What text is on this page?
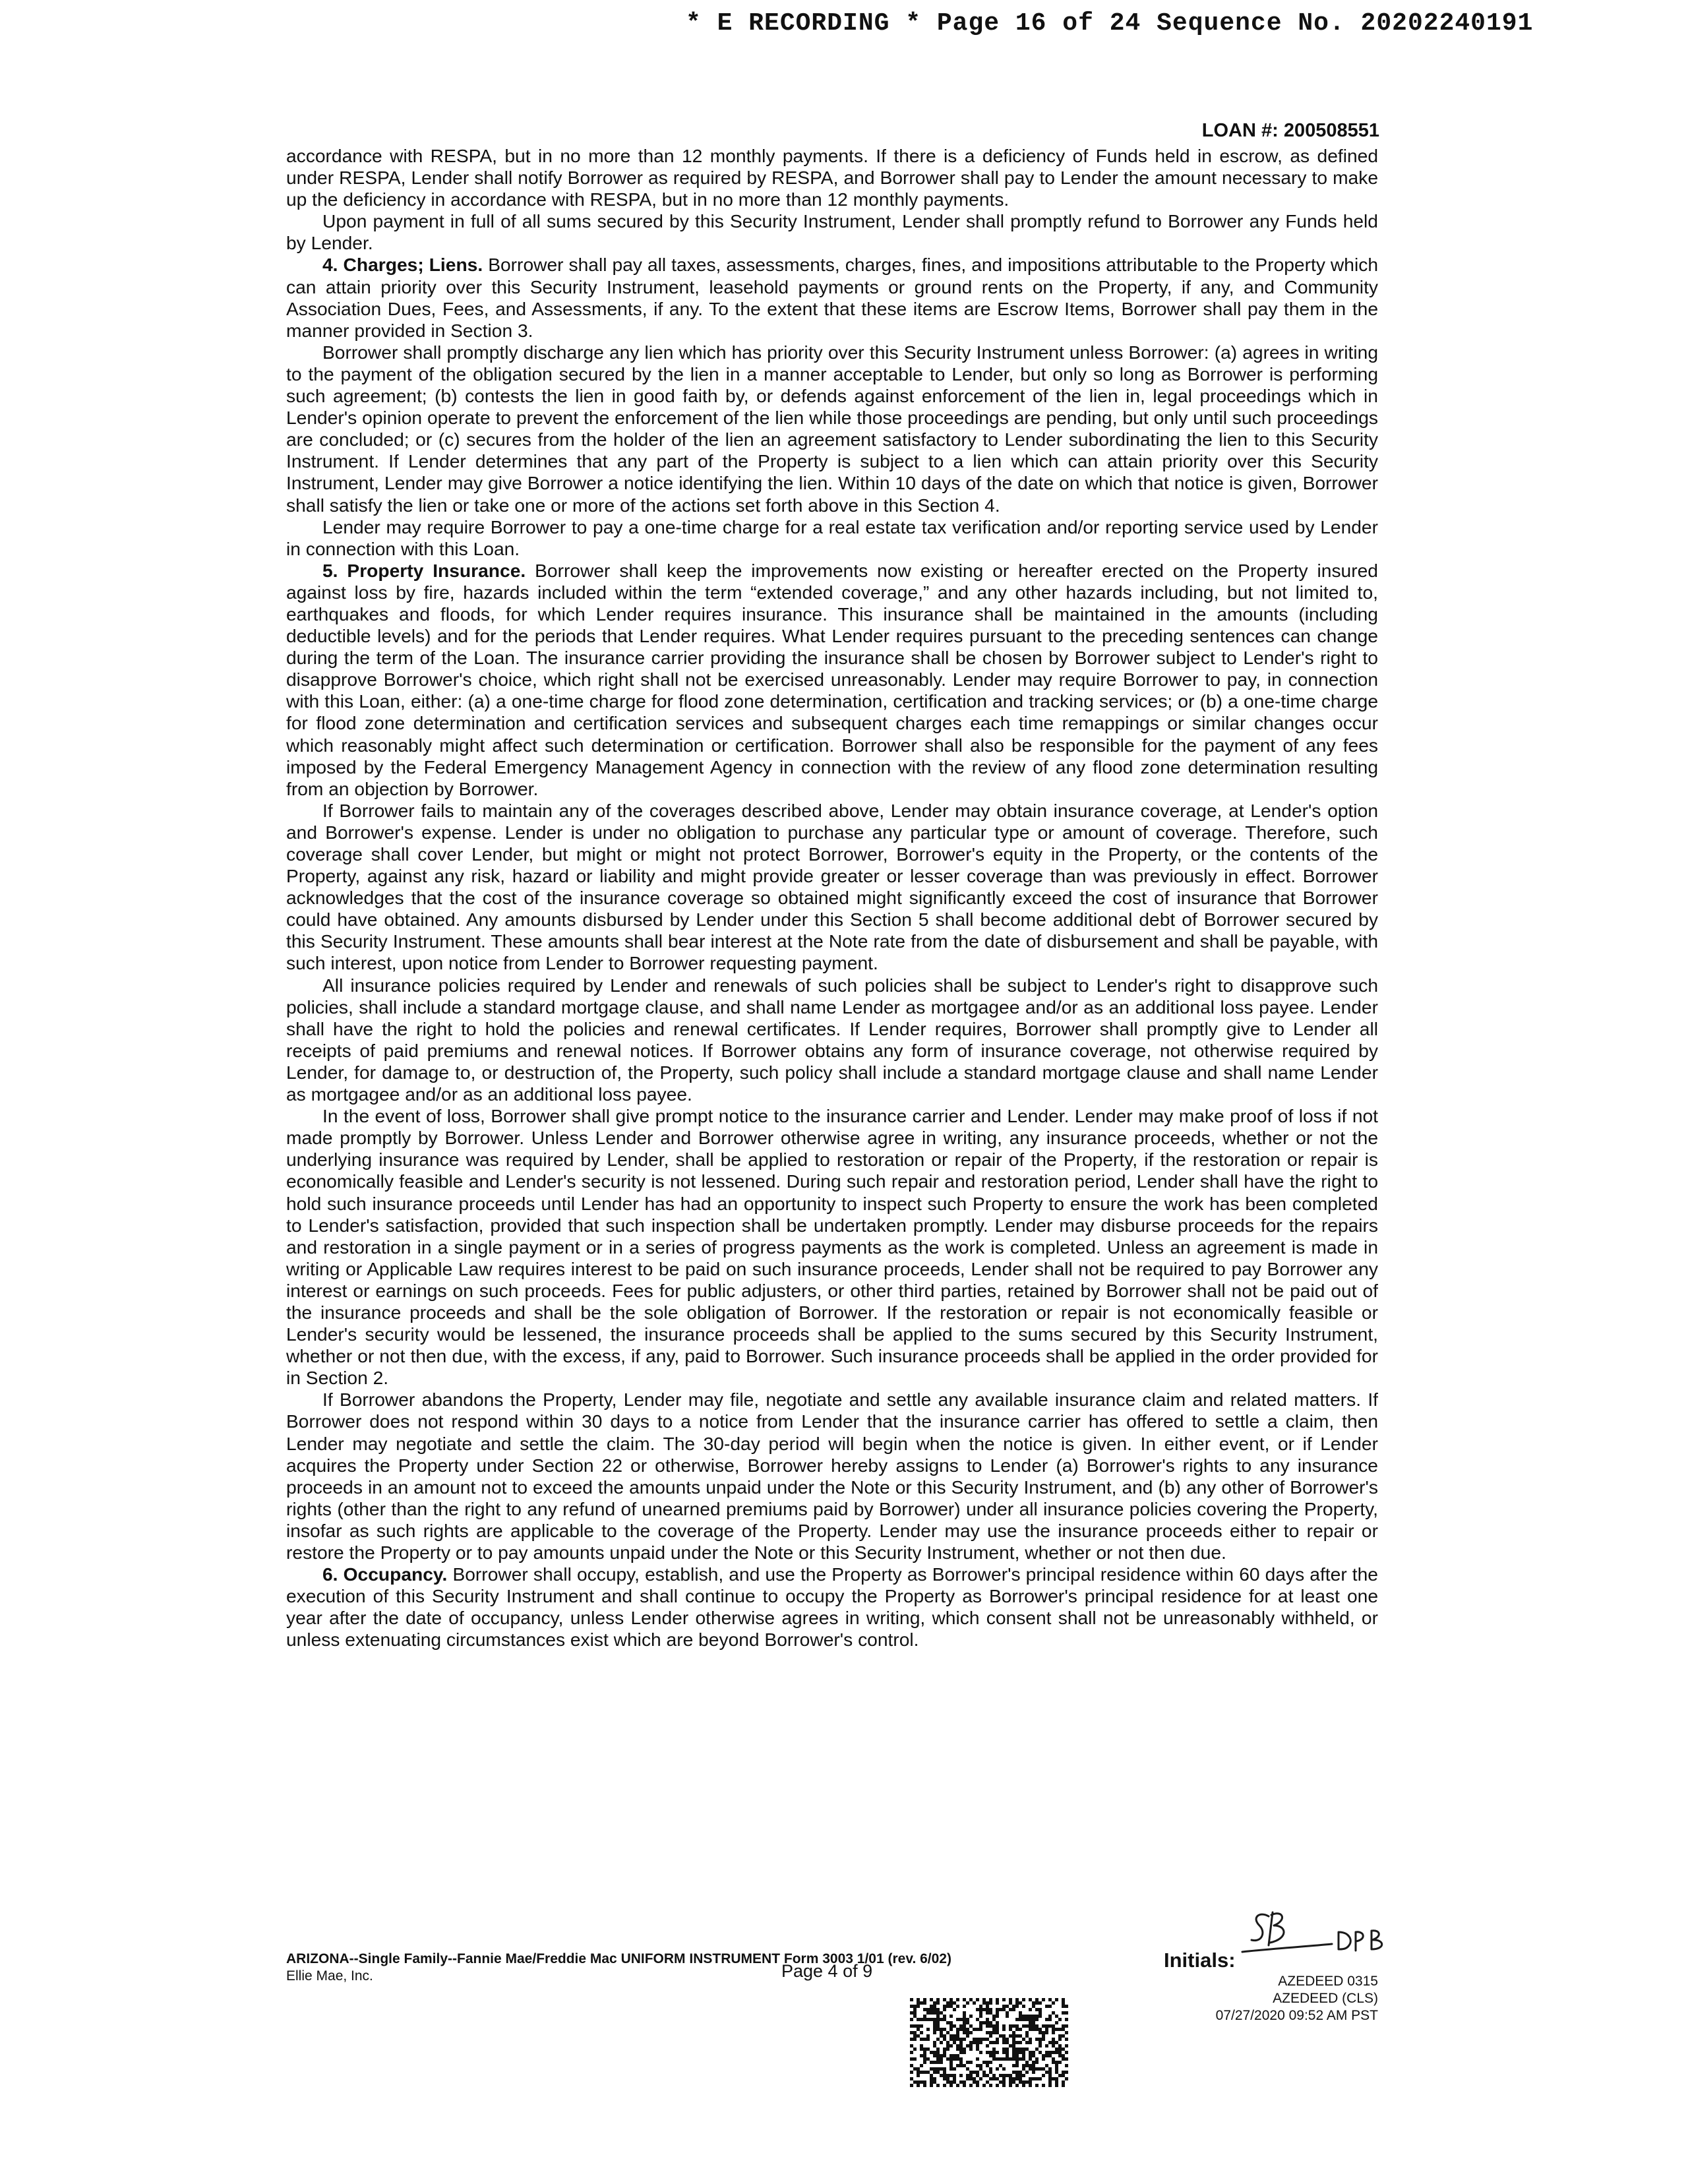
* E RECORDING * Page 16 of 24 Sequence No. 20202240191
LOAN #: 200508551

accordance with RESPA, but in no more than 12 monthly payments. If there is a deficiency of Funds held in escrow, as defined under RESPA, Lender shall notify Borrower as required by RESPA, and Borrower shall pay to Lender the amount necessary to make up the deficiency in accordance with RESPA, but in no more than 12 monthly payments.

Upon payment in full of all sums secured by this Security Instrument, Lender shall promptly refund to Borrower any Funds held by Lender.

4. Charges; Liens. Borrower shall pay all taxes, assessments, charges, fines, and impositions attributable to the Property which can attain priority over this Security Instrument, leasehold payments or ground rents on the Property, if any, and Community Association Dues, Fees, and Assessments, if any. To the extent that these items are Escrow Items, Borrower shall pay them in the manner provided in Section 3.

Borrower shall promptly discharge any lien which has priority over this Security Instrument unless Borrower: (a) agrees in writing to the payment of the obligation secured by the lien in a manner acceptable to Lender, but only so long as Borrower is performing such agreement; (b) contests the lien in good faith by, or defends against enforcement of the lien in, legal proceedings which in Lender's opinion operate to prevent the enforcement of the lien while those proceedings are pending, but only until such proceedings are concluded; or (c) secures from the holder of the lien an agreement satisfactory to Lender subordinating the lien to this Security Instrument. If Lender determines that any part of the Property is subject to a lien which can attain priority over this Security Instrument, Lender may give Borrower a notice identifying the lien. Within 10 days of the date on which that notice is given, Borrower shall satisfy the lien or take one or more of the actions set forth above in this Section 4.

Lender may require Borrower to pay a one-time charge for a real estate tax verification and/or reporting service used by Lender in connection with this Loan.

5. Property Insurance. Borrower shall keep the improvements now existing or hereafter erected on the Property insured against loss by fire, hazards included within the term “extended coverage,” and any other hazards including, but not limited to, earthquakes and floods, for which Lender requires insurance. This insurance shall be maintained in the amounts (including deductible levels) and for the periods that Lender requires. What Lender requires pursuant to the preceding sentences can change during the term of the Loan. The insurance carrier providing the insurance shall be chosen by Borrower subject to Lender's right to disapprove Borrower's choice, which right shall not be exercised unreasonably. Lender may require Borrower to pay, in connection with this Loan, either: (a) a one-time charge for flood zone determination, certification and tracking services; or (b) a one-time charge for flood zone determination and certification services and subsequent charges each time remappings or similar changes occur which reasonably might affect such determination or certification. Borrower shall also be responsible for the payment of any fees imposed by the Federal Emergency Management Agency in connection with the review of any flood zone determination resulting from an objection by Borrower.

If Borrower fails to maintain any of the coverages described above, Lender may obtain insurance coverage, at Lender's option and Borrower's expense. Lender is under no obligation to purchase any particular type or amount of coverage. Therefore, such coverage shall cover Lender, but might or might not protect Borrower, Borrower's equity in the Property, or the contents of the Property, against any risk, hazard or liability and might provide greater or lesser coverage than was previously in effect. Borrower acknowledges that the cost of the insurance coverage so obtained might significantly exceed the cost of insurance that Borrower could have obtained. Any amounts disbursed by Lender under this Section 5 shall become additional debt of Borrower secured by this Security Instrument. These amounts shall bear interest at the Note rate from the date of disbursement and shall be payable, with such interest, upon notice from Lender to Borrower requesting payment.

All insurance policies required by Lender and renewals of such policies shall be subject to Lender's right to disapprove such policies, shall include a standard mortgage clause, and shall name Lender as mortgagee and/or as an additional loss payee. Lender shall have the right to hold the policies and renewal certificates. If Lender requires, Borrower shall promptly give to Lender all receipts of paid premiums and renewal notices. If Borrower obtains any form of insurance coverage, not otherwise required by Lender, for damage to, or destruction of, the Property, such policy shall include a standard mortgage clause and shall name Lender as mortgagee and/or as an additional loss payee.

In the event of loss, Borrower shall give prompt notice to the insurance carrier and Lender. Lender may make proof of loss if not made promptly by Borrower. Unless Lender and Borrower otherwise agree in writing, any insurance proceeds, whether or not the underlying insurance was required by Lender, shall be applied to restoration or repair of the Property, if the restoration or repair is economically feasible and Lender's security is not lessened. During such repair and restoration period, Lender shall have the right to hold such insurance proceeds until Lender has had an opportunity to inspect such Property to ensure the work has been completed to Lender's satisfaction, provided that such inspection shall be undertaken promptly. Lender may disburse proceeds for the repairs and restoration in a single payment or in a series of progress payments as the work is completed. Unless an agreement is made in writing or Applicable Law requires interest to be paid on such insurance proceeds, Lender shall not be required to pay Borrower any interest or earnings on such proceeds. Fees for public adjusters, or other third parties, retained by Borrower shall not be paid out of the insurance proceeds and shall be the sole obligation of Borrower. If the restoration or repair is not economically feasible or Lender's security would be lessened, the insurance proceeds shall be applied to the sums secured by this Security Instrument, whether or not then due, with the excess, if any, paid to Borrower. Such insurance proceeds shall be applied in the order provided for in Section 2.

If Borrower abandons the Property, Lender may file, negotiate and settle any available insurance claim and related matters. If Borrower does not respond within 30 days to a notice from Lender that the insurance carrier has offered to settle a claim, then Lender may negotiate and settle the claim. The 30-day period will begin when the notice is given. In either event, or if Lender acquires the Property under Section 22 or otherwise, Borrower hereby assigns to Lender (a) Borrower's rights to any insurance proceeds in an amount not to exceed the amounts unpaid under the Note or this Security Instrument, and (b) any other of Borrower's rights (other than the right to any refund of unearned premiums paid by Borrower) under all insurance policies covering the Property, insofar as such rights are applicable to the coverage of the Property. Lender may use the insurance proceeds either to repair or restore the Property or to pay amounts unpaid under the Note or this Security Instrument, whether or not then due.

6. Occupancy. Borrower shall occupy, establish, and use the Property as Borrower's principal residence within 60 days after the execution of this Security Instrument and shall continue to occupy the Property as Borrower's principal residence for at least one year after the date of occupancy, unless Lender otherwise agrees in writing, which consent shall not be unreasonably withheld, or unless extenuating circumstances exist which are beyond Borrower's control.

ARIZONA--Single Family--Fannie Mae/Freddie Mac UNIFORM INSTRUMENT Form 3003 1/01 (rev. 6/02)
Ellie Mae, Inc.	Page 4 of 9	Initials:
AZEDEED 0315
AZEDEED (CLS)
07/27/2020 09:52 AM PST
